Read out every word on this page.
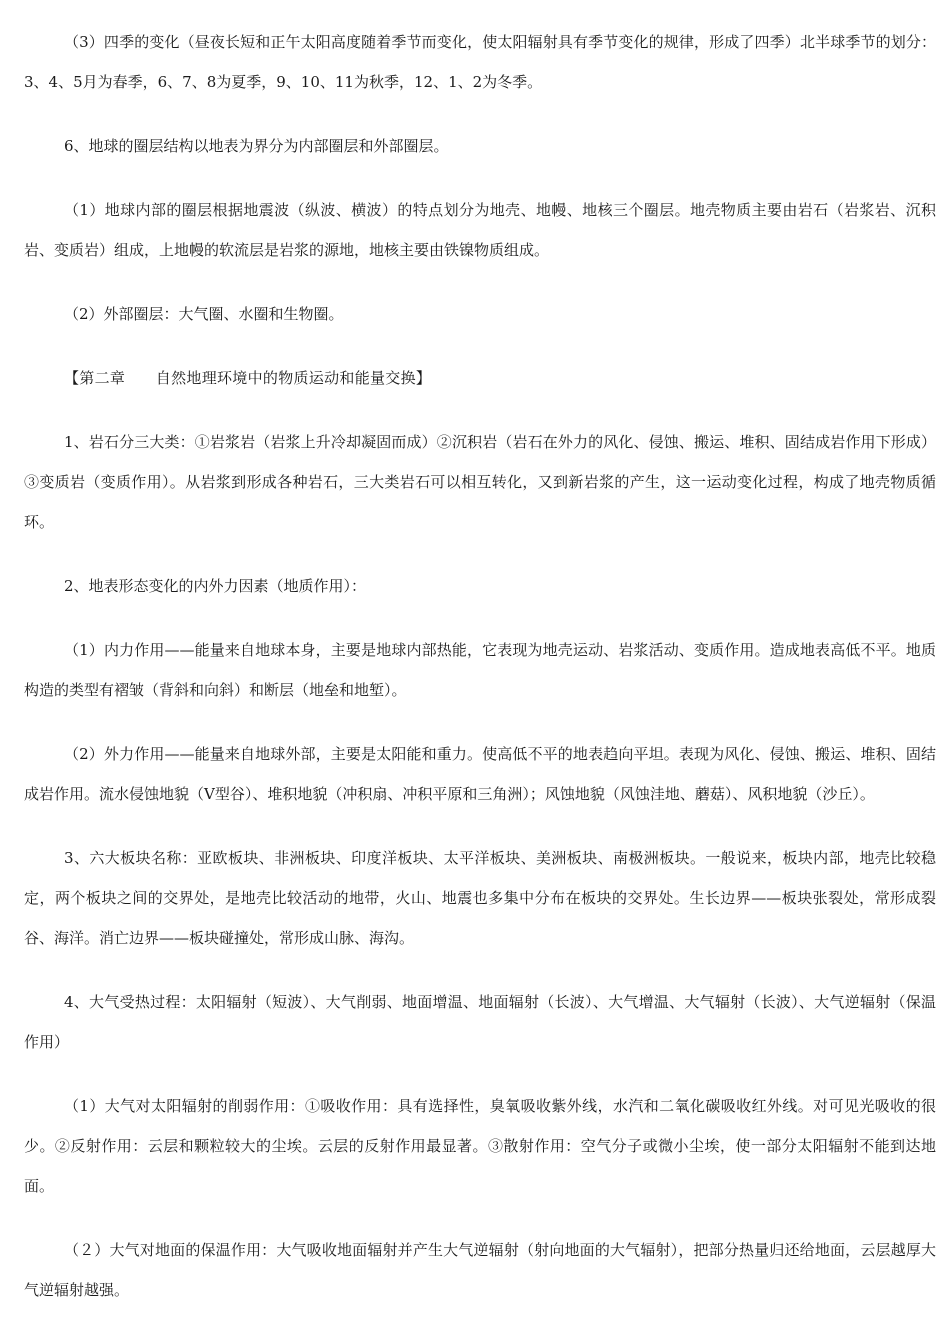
（3）四季的变化（昼夜长短和正午太阳高度随着季节而变化，使太阳辐射具有季节变化的规律，形成了四季）北半球季节的划分：3、4、5月为春季，6、7、8为夏季，9、10、11为秋季，12、1、2为冬季。

6、地球的圈层结构以地表为界分为内部圈层和外部圈层。

（1）地球内部的圈层根据地震波（纵波、横波）的特点划分为地壳、地幔、地核三个圈层。地壳物质主要由岩石（岩浆岩、沉积岩、变质岩）组成，上地幔的软流层是岩浆的源地，地核主要由铁镍物质组成。

（2）外部圈层：大气圈、水圈和生物圈。

【第二章　　自然地理环境中的物质运动和能量交换】

1、岩石分三大类：①岩浆岩（岩浆上升冷却凝固而成）②沉积岩（岩石在外力的风化、侵蚀、搬运、堆积、固结成岩作用下形成）③变质岩（变质作用）。从岩浆到形成各种岩石，三大类岩石可以相互转化，又到新岩浆的产生，这一运动变化过程，构成了地壳物质循环。

2、地表形态变化的内外力因素（地质作用）：

（1）内力作用——能量来自地球本身，主要是地球内部热能，它表现为地壳运动、岩浆活动、变质作用。造成地表高低不平。地质构造的类型有褶皱（背斜和向斜）和断层（地垒和地堑）。

（2）外力作用——能量来自地球外部，主要是太阳能和重力。使高低不平的地表趋向平坦。表现为风化、侵蚀、搬运、堆积、固结成岩作用。流水侵蚀地貌（V型谷）、堆积地貌（冲积扇、冲积平原和三角洲）；风蚀地貌（风蚀洼地、蘑菇）、风积地貌（沙丘）。

3、六大板块名称：亚欧板块、非洲板块、印度洋板块、太平洋板块、美洲板块、南极洲板块。一般说来，板块内部，地壳比较稳定，两个板块之间的交界处，是地壳比较活动的地带，火山、地震也多集中分布在板块的交界处。生长边界——板块张裂处，常形成裂谷、海洋。消亡边界——板块碰撞处，常形成山脉、海沟。

4、大气受热过程：太阳辐射（短波）、大气削弱、地面增温、地面辐射（长波）、大气增温、大气辐射（长波）、大气逆辐射（保温作用）

（1）大气对太阳辐射的削弱作用：①吸收作用：具有选择性，臭氧吸收紫外线，水汽和二氧化碳吸收红外线。对可见光吸收的很少。②反射作用：云层和颗粒较大的尘埃。云层的反射作用最显著。③散射作用：空气分子或微小尘埃，使一部分太阳辐射不能到达地面。

（２）大气对地面的保温作用：大气吸收地面辐射并产生大气逆辐射（射向地面的大气辐射），把部分热量归还给地面，云层越厚大气逆辐射越强。
